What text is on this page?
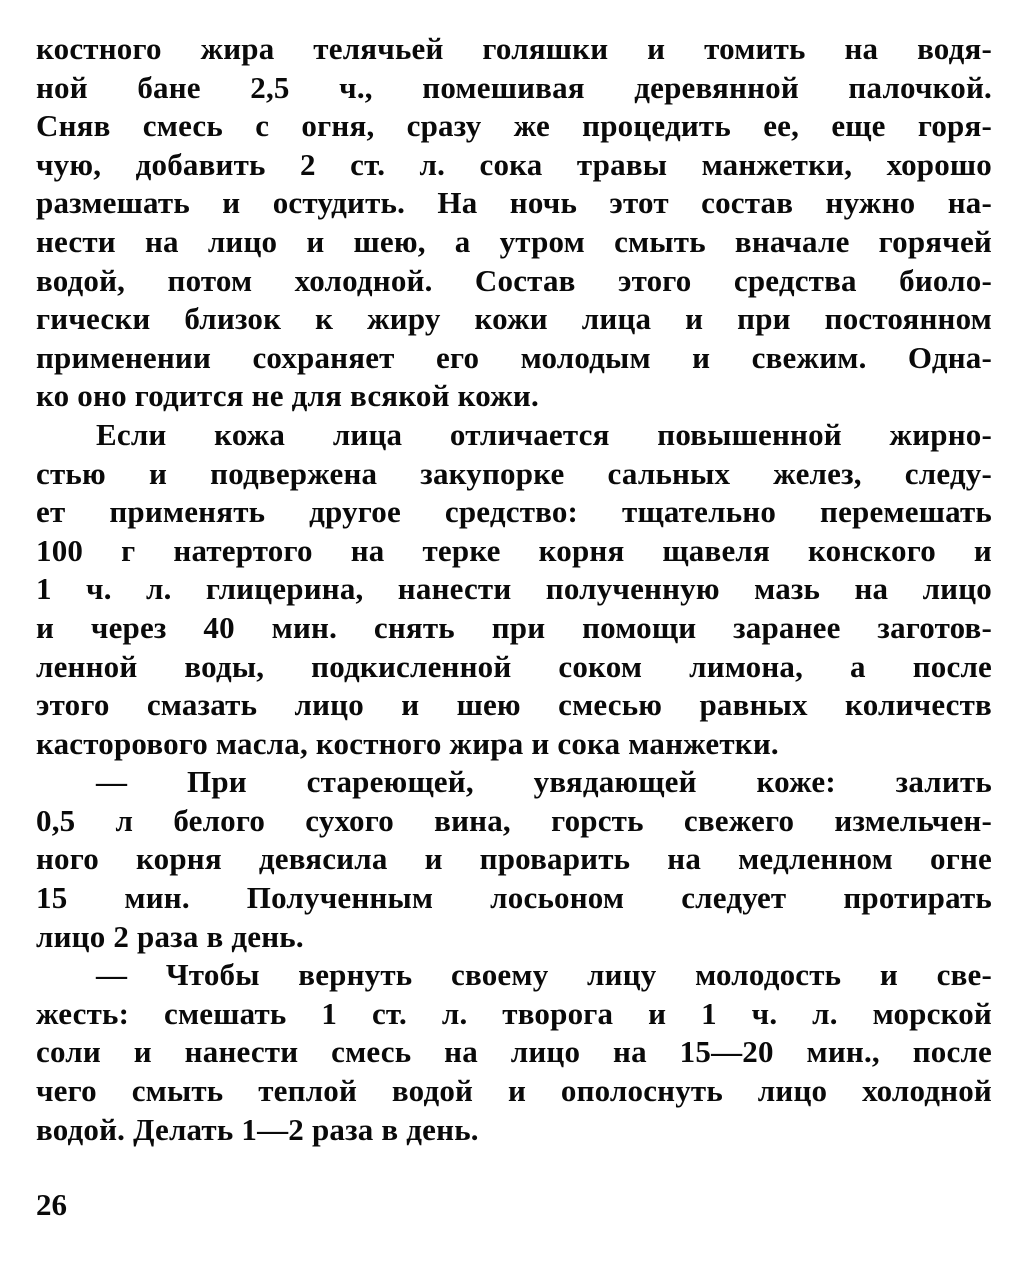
костного жира телячьей голяшки и томить на водя-
ной бане 2,5 ч., помешивая деревянной палочкой.
Сняв смесь с огня, сразу же процедить ее, еще горя-
чую, добавить 2 ст. л. сока травы манжетки, хорошо
размешать и остудить. На ночь этот состав нужно на-
нести на лицо и шею, а утром смыть вначале горячей
водой, потом холодной. Состав этого средства биоло-
гически близок к жиру кожи лица и при постоянном
применении сохраняет его молодым и свежим. Одна-
ко оно годится не для всякой кожи.
Если кожа лица отличается повышенной жирно-
стью и подвержена закупорке сальных желез, следу-
ет применять другое средство: тщательно перемешать
100 г натертого на терке корня щавеля конского и
1 ч. л. глицерина, нанести полученную мазь на лицо
и через 40 мин. снять при помощи заранее заготов-
ленной воды, подкисленной соком лимона, а после
этого смазать лицо и шею смесью равных количеств
касторового масла, костного жира и сока манжетки.
— При стареющей, увядающей коже: залить
0,5 л белого сухого вина, горсть свежего измельчен-
ного корня девясила и проварить на медленном огне
15 мин. Полученным лосьоном следует протирать
лицо 2 раза в день.
— Чтобы вернуть своему лицу молодость и све-
жесть: смешать 1 ст. л. творога и 1 ч. л. морской
соли и нанести смесь на лицо на 15—20 мин., после
чего смыть теплой водой и ополоснуть лицо холодной
водой. Делать 1—2 раза в день.
26
